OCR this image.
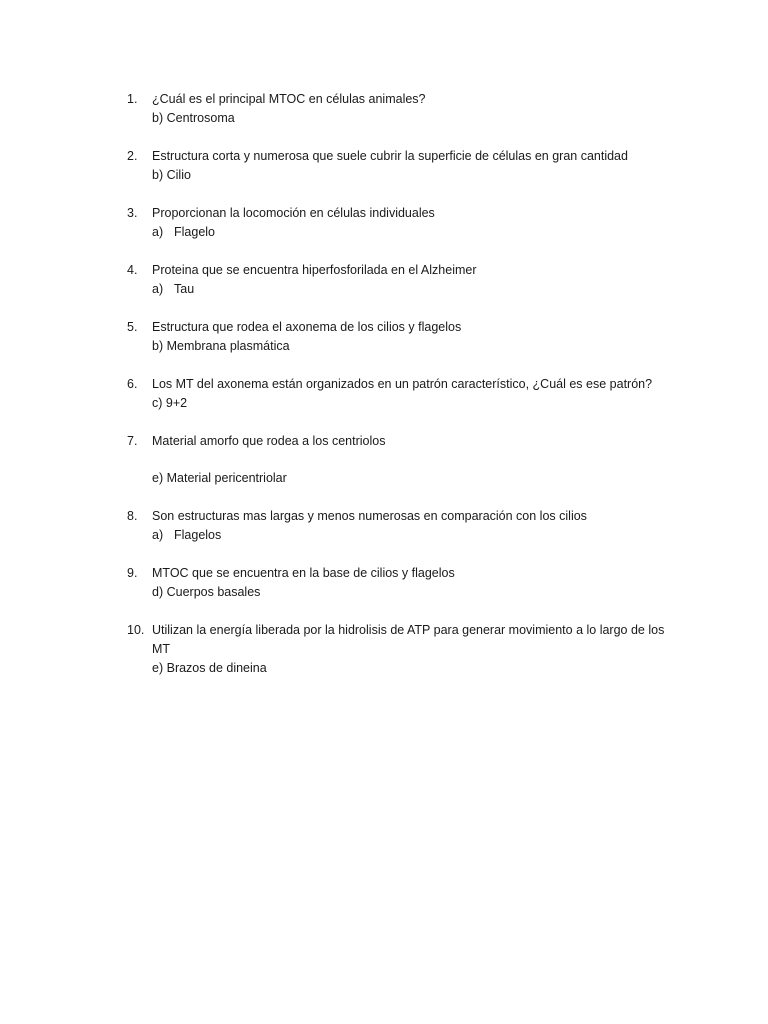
1.	¿Cuál es el principal MTOC en células animales?
b) Centrosoma
2.	Estructura corta y numerosa que suele cubrir la superficie de células en gran cantidad
b) Cilio
3.	Proporcionan la locomoción en células individuales
a) Flagelo
4.	Proteina que se encuentra hiperfosforilada en el Alzheimer
a) Tau
5.	Estructura que rodea el axonema de los cilios y flagelos
b) Membrana plasmática
6.	Los MT del axonema están organizados en un patrón característico, ¿Cuál es ese patrón?
c) 9+2
7.	Material amorfo que rodea a los centriolos
e) Material pericentriolar
8.	Son estructuras mas largas y menos numerosas en comparación con los cilios
a) Flagelos
9.	MTOC que se encuentra en la base de cilios y flagelos
d) Cuerpos basales
10. Utilizan la energía liberada por la hidrolisis de ATP para generar movimiento a lo largo de los MT
e) Brazos de dineina
